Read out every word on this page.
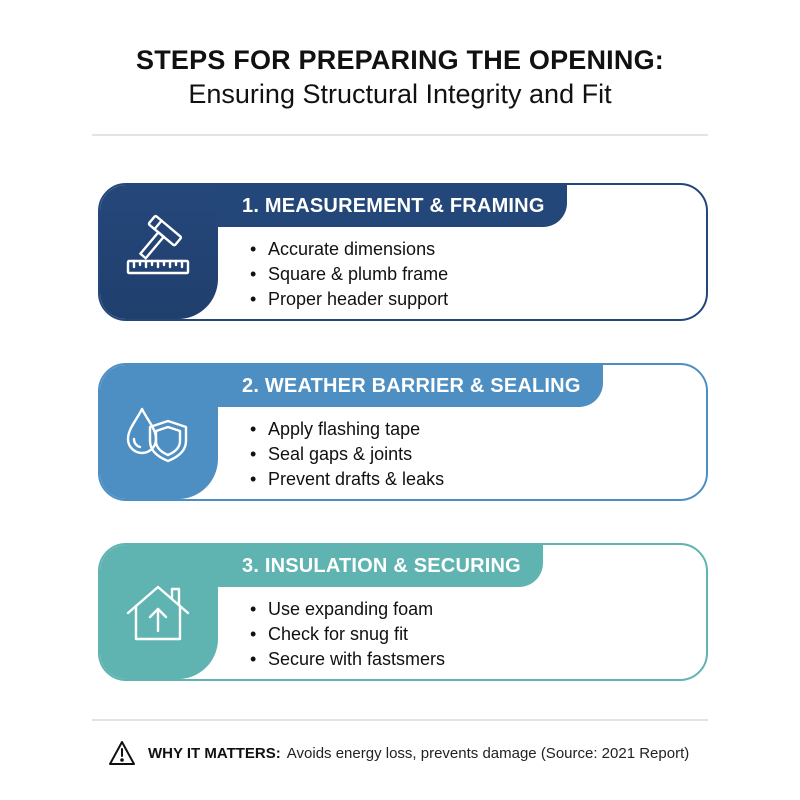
STEPS FOR PREPARING THE OPENING:
Ensuring Structural Integrity and Fit
1. MEASUREMENT & FRAMING
• Accurate dimensions
• Square & plumb frame
• Proper header support
2. WEATHER BARRIER & SEALING
• Apply flashing tape
• Seal gaps & joints
• Prevent drafts & leaks
3. INSULATION & SECURING
• Use expanding foam
• Check for snug fit
• Secure with fastsmers
WHY IT MATTERS: Avoids energy loss, prevents damage (Source: 2021 Report)
